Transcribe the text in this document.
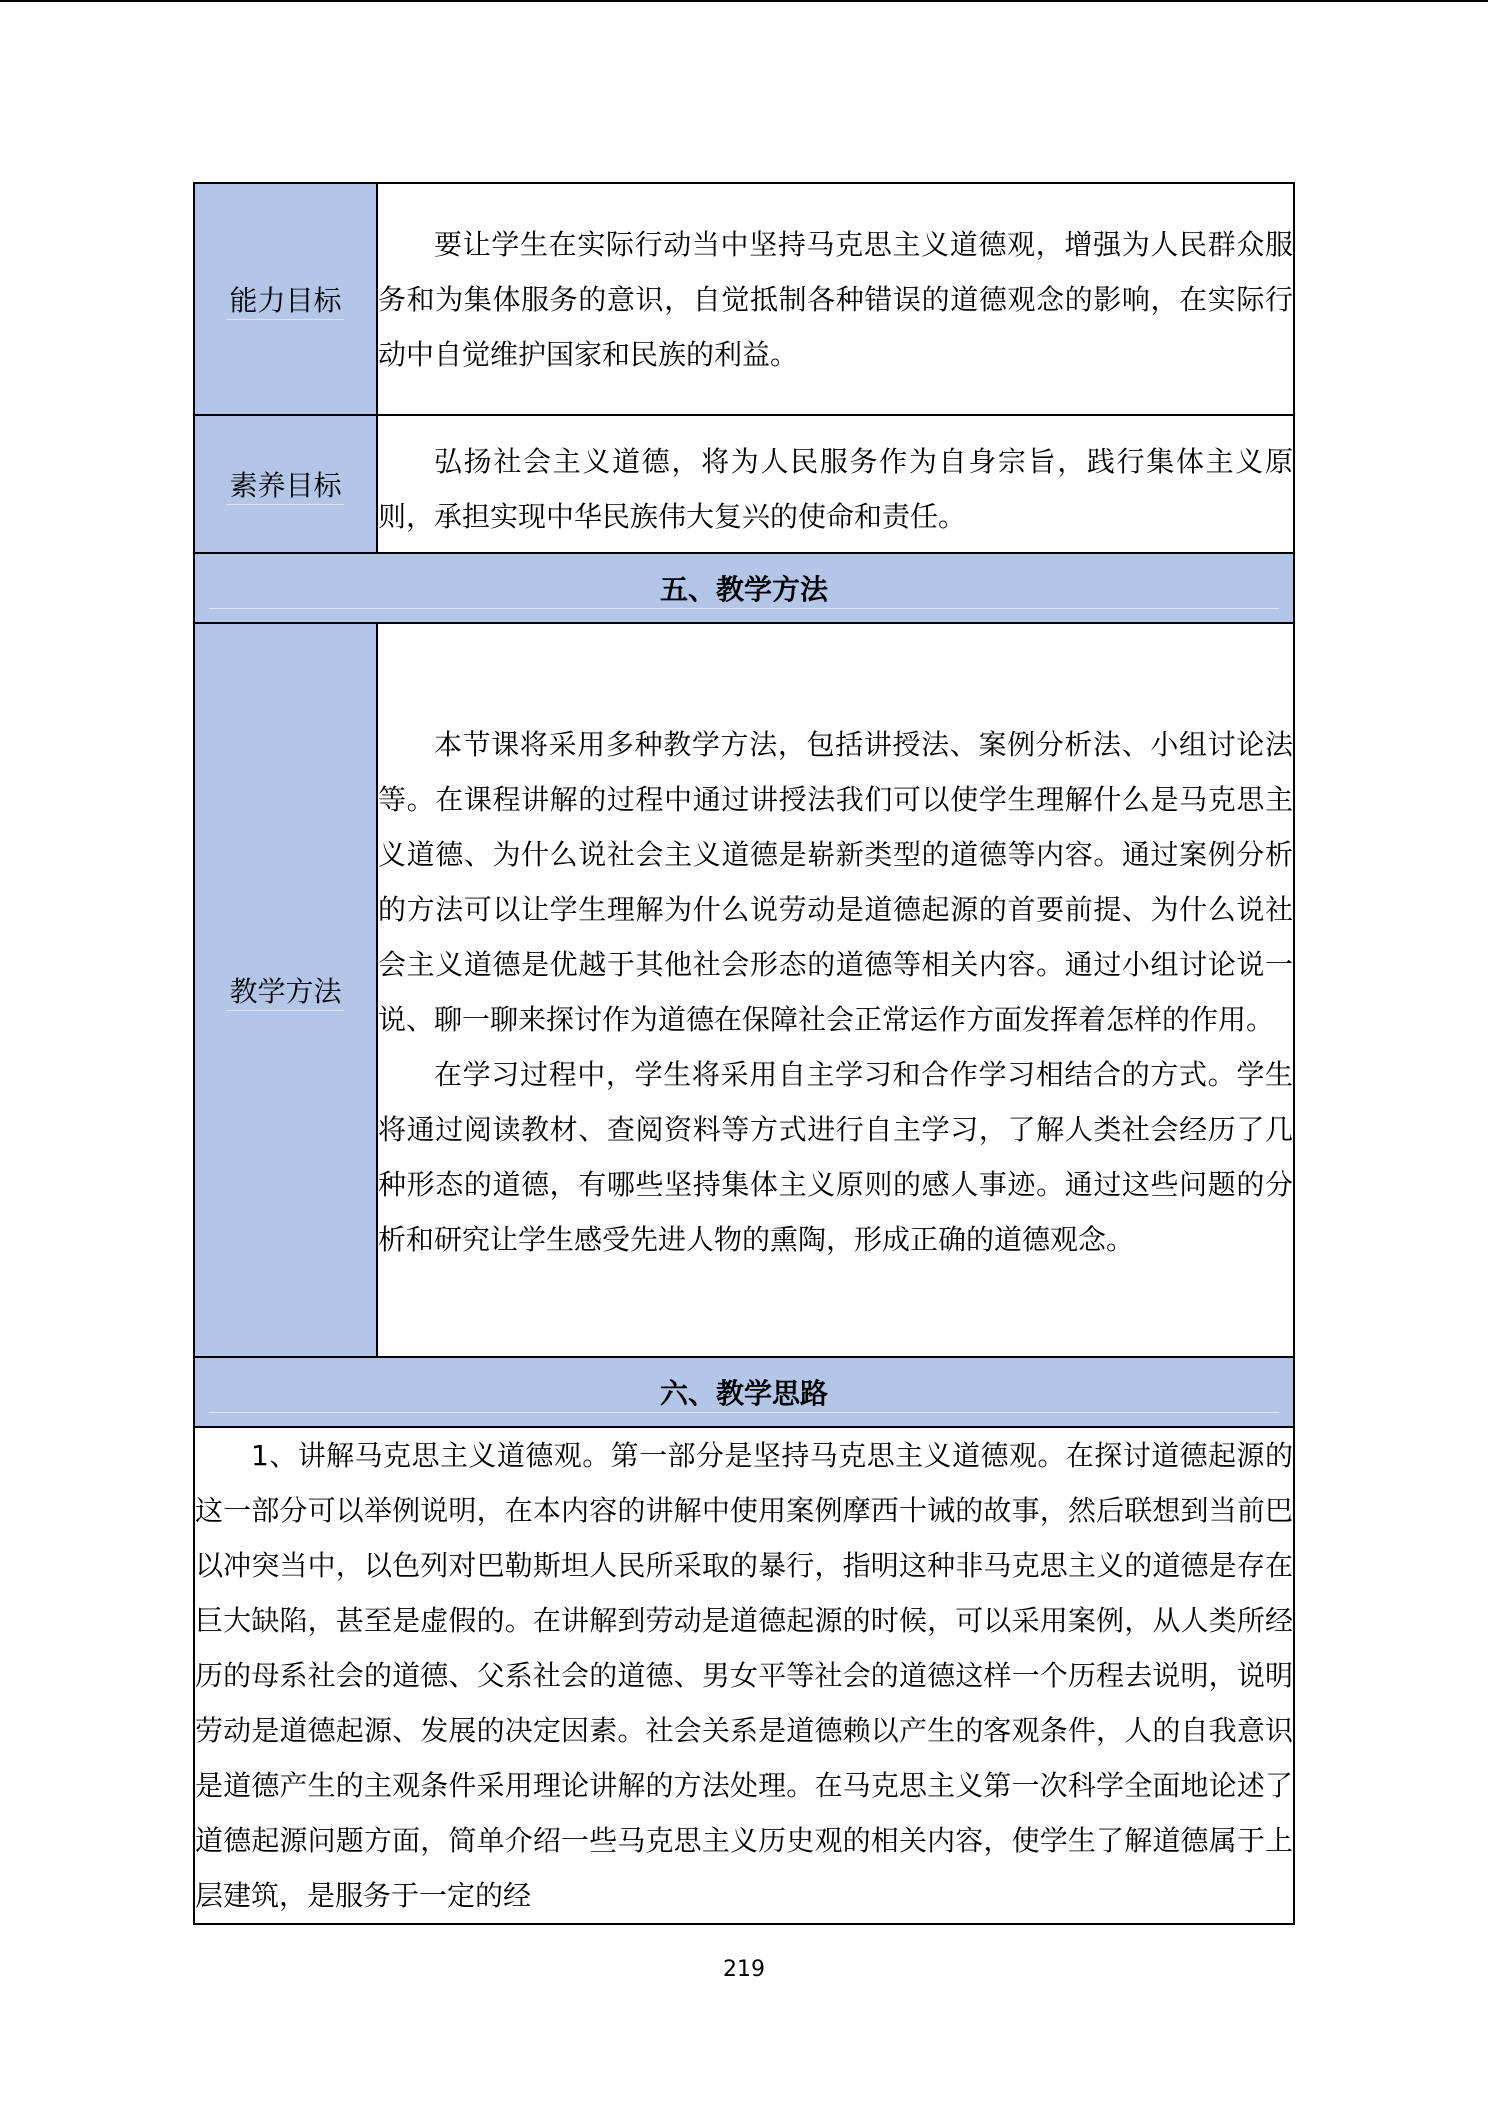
能力目标	要让学生在实际行动当中坚持马克思主义道德观，增强为人民群众服务和为集体服务的意识，自觉抵制各种错误的道德观念的影响，在实际行动中自觉维护国家和民族的利益。

素养目标	弘扬社会主义道德，将为人民服务作为自身宗旨，践行集体主义原则，承担实现中华民族伟大复兴的使命和责任。

五、教学方法	
教学方法	本节课将采用多种教学方法，包括讲授法、案例分析法、小组讨论法等。在课程讲解的过程中通过讲授法我们可以使学生理解什么是马克思主义道德、为什么说社会主义道德是崭新类型的道德等内容。通过案例分析的方法可以让学生理解为什么说劳动是道德起源的首要前提、为什么说社会主义道德是优越于其他社会形态的道德等相关内容。通过小组讨论说一说、聊一聊来探讨作为道德在保障社会正常运作方面发挥着怎样的作用。

在学习过程中，学生将采用自主学习和合作学习相结合的方式。学生将通过阅读教材、查阅资料等方式进行自主学习，了解人类社会经历了几种形态的道德，有哪些坚持集体主义原则的感人事迹。通过这些问题的分析和研究让学生感受先进人物的熏陶，形成正确的道德观念。

六、教学思路	

1、讲解马克思主义道德观。第一部分是坚持马克思主义道德观。在探讨道德起源的这一部分可以举例说明，在本内容的讲解中使用案例摩西十诫的故事，然后联想到当前巴以冲突当中，以色列对巴勒斯坦人民所采取的暴行，指明这种非马克思主义的道德是存在巨大缺陷，甚至是虚假的。在讲解到劳动是道德起源的时候，可以采用案例，从人类所经历的母系社会的道德、父系社会的道德、男女平等社会的道德这样一个历程去说明，说明劳动是道德起源、发展的决定因素。社会关系是道德赖以产生的客观条件，人的自我意识是道德产生的主观条件采用理论讲解的方法处理。在马克思主义第一次科学全面地论述了道德起源问题方面，简单介绍一些马克思主义历史观的相关内容，使学生了解道德属于上层建筑，是服务于一定的经	

219
